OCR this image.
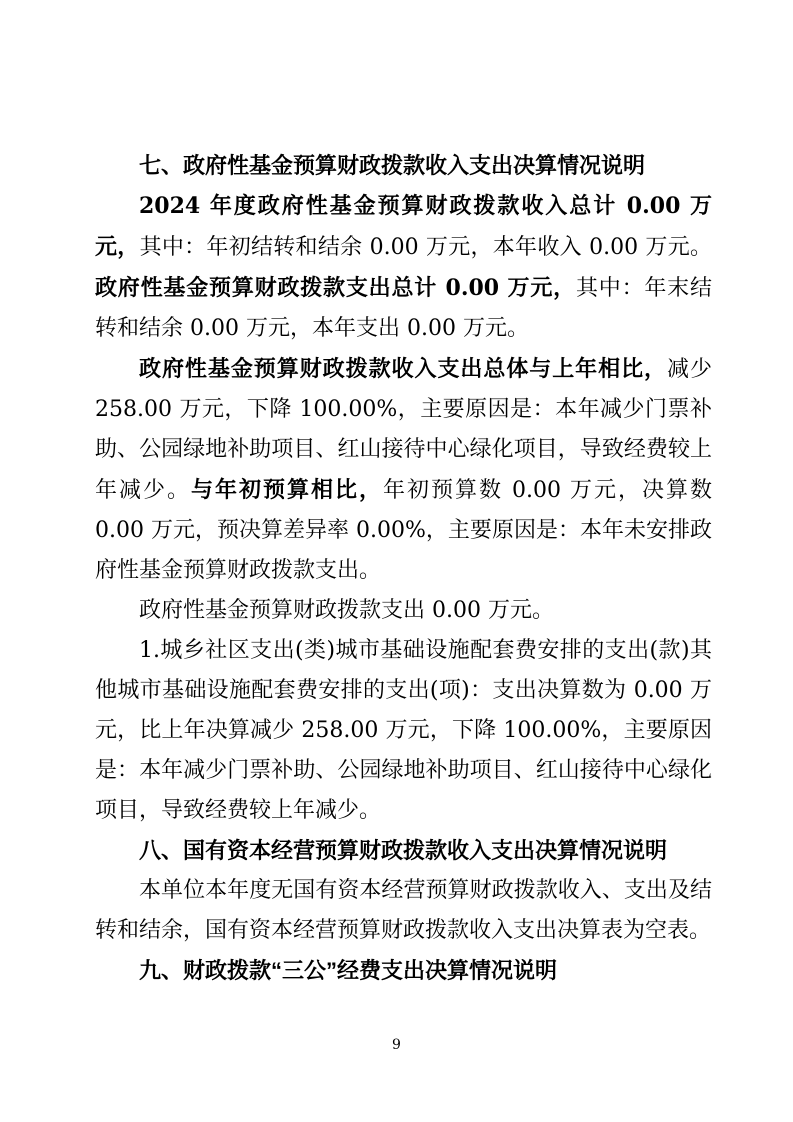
七、政府性基金预算财政拨款收入支出决算情况说明

2024 年度政府性基金预算财政拨款收入总计 0.00 万元，其中：年初结转和结余 0.00 万元，本年收入 0.00 万元。政府性基金预算财政拨款支出总计 0.00 万元，其中：年末结转和结余 0.00 万元，本年支出 0.00 万元。

政府性基金预算财政拨款收入支出总体与上年相比，减少 258.00 万元，下降 100.00%，主要原因是：本年减少门票补助、公园绿地补助项目、红山接待中心绿化项目，导致经费较上年减少。与年初预算相比，年初预算数 0.00 万元，决算数 0.00 万元，预决算差异率 0.00%，主要原因是：本年未安排政府性基金预算财政拨款支出。

政府性基金预算财政拨款支出 0.00 万元。

1.城乡社区支出(类)城市基础设施配套费安排的支出(款)其他城市基础设施配套费安排的支出(项)：支出决算数为 0.00 万元，比上年决算减少 258.00 万元，下降 100.00%，主要原因是：本年减少门票补助、公园绿地补助项目、红山接待中心绿化项目，导致经费较上年减少。

八、国有资本经营预算财政拨款收入支出决算情况说明

本单位本年度无国有资本经营预算财政拨款收入、支出及结转和结余，国有资本经营预算财政拨款收入支出决算表为空表。

九、财政拨款“三公”经费支出决算情况说明

9
